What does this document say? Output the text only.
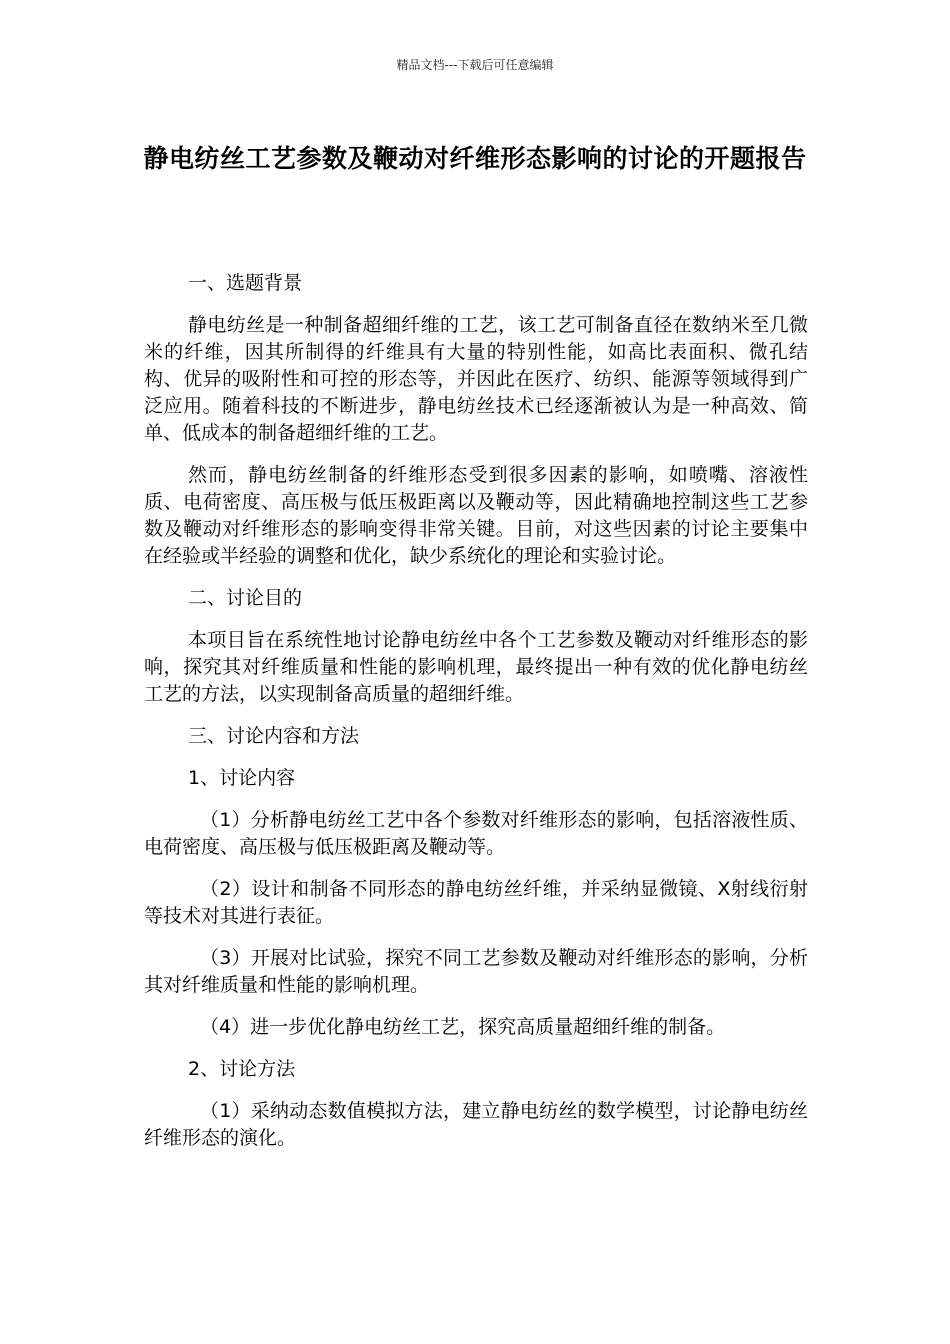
精品文档---下载后可任意编辑
静电纺丝工艺参数及鞭动对纤维形态影响的讨论的开题报告

一、选题背景

静电纺丝是一种制备超细纤维的工艺，该工艺可制备直径在数纳米至几微米的纤维，因其所制得的纤维具有大量的特别性能，如高比表面积、微孔结构、优异的吸附性和可控的形态等，并因此在医疗、纺织、能源等领域得到广泛应用。随着科技的不断进步，静电纺丝技术已经逐渐被认为是一种高效、简单、低成本的制备超细纤维的工艺。

然而，静电纺丝制备的纤维形态受到很多因素的影响，如喷嘴、溶液性质、电荷密度、高压极与低压极距离以及鞭动等，因此精确地控制这些工艺参数及鞭动对纤维形态的影响变得非常关键。目前，对这些因素的讨论主要集中在经验或半经验的调整和优化，缺少系统化的理论和实验讨论。

二、讨论目的

本项目旨在系统性地讨论静电纺丝中各个工艺参数及鞭动对纤维形态的影响，探究其对纤维质量和性能的影响机理，最终提出一种有效的优化静电纺丝工艺的方法，以实现制备高质量的超细纤维。

三、讨论内容和方法

1、讨论内容

（1）分析静电纺丝工艺中各个参数对纤维形态的影响，包括溶液性质、电荷密度、高压极与低压极距离及鞭动等。

（2）设计和制备不同形态的静电纺丝纤维，并采纳显微镜、X射线衍射等技术对其进行表征。

（3）开展对比试验，探究不同工艺参数及鞭动对纤维形态的影响，分析其对纤维质量和性能的影响机理。

（4）进一步优化静电纺丝工艺，探究高质量超细纤维的制备。

2、讨论方法

（1）采纳动态数值模拟方法，建立静电纺丝的数学模型，讨论静电纺丝纤维形态的演化。
